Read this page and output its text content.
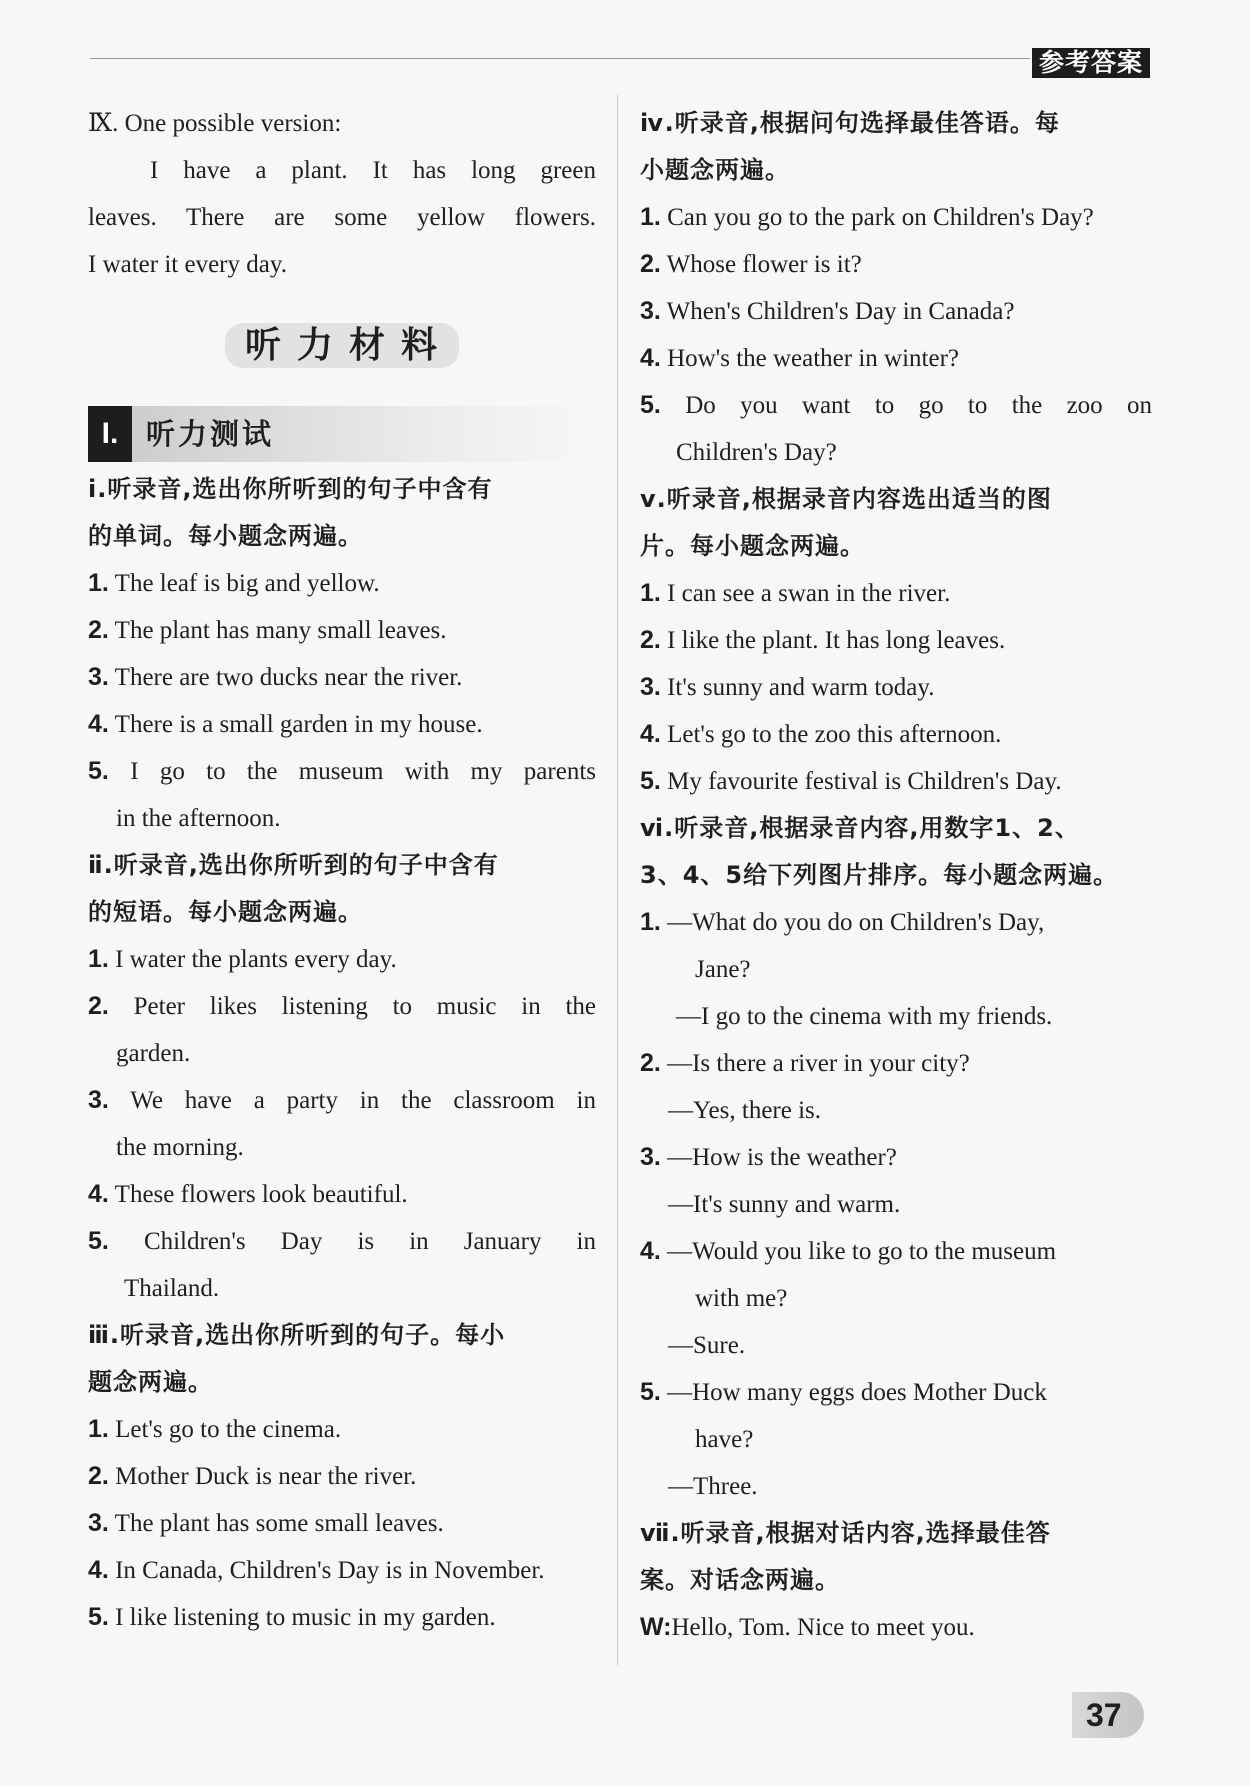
参考答案
Ⅸ. One possible version:
I have a plant. It has long green
leaves. There are some yellow flowers.
I water it every day.
听力材料
I. 听力测试
ⅰ.听录音,选出你所听到的句子中含有
的单词。每小题念两遍。
1. The leaf is big and yellow.
2. The plant has many small leaves.
3. There are two ducks near the river.
4. There is a small garden in my house.
5. I go to the museum with my parents
in the afternoon.
ⅱ.听录音,选出你所听到的句子中含有
的短语。每小题念两遍。
1. I water the plants every day.
2. Peter likes listening to music in the
garden.
3. We have a party in the classroom in
the morning.
4. These flowers look beautiful.
5. Children's Day is in January in
Thailand.
ⅲ.听录音,选出你所听到的句子。每小
题念两遍。
1. Let's go to the cinema.
2. Mother Duck is near the river.
3. The plant has some small leaves.
4. In Canada, Children's Day is in November.
5. I like listening to music in my garden.
ⅳ.听录音,根据问句选择最佳答语。每
小题念两遍。
1. Can you go to the park on Children's Day?
2. Whose flower is it?
3. When's Children's Day in Canada?
4. How's the weather in winter?
5. Do you want to go to the zoo on
Children's Day?
ⅴ.听录音,根据录音内容选出适当的图
片。每小题念两遍。
1. I can see a swan in the river.
2. I like the plant. It has long leaves.
3. It's sunny and warm today.
4. Let's go to the zoo this afternoon.
5. My favourite festival is Children's Day.
ⅵ.听录音,根据录音内容,用数字1、2、
3、4、5给下列图片排序。每小题念两遍。
1. —What do you do on Children's Day,
Jane?
—I go to the cinema with my friends.
2. —Is there a river in your city?
—Yes, there is.
3. —How is the weather?
—It's sunny and warm.
4. —Would you like to go to the museum
with me?
—Sure.
5. —How many eggs does Mother Duck
have?
—Three.
ⅶ.听录音,根据对话内容,选择最佳答
案。对话念两遍。
W:Hello, Tom. Nice to meet you.
37
